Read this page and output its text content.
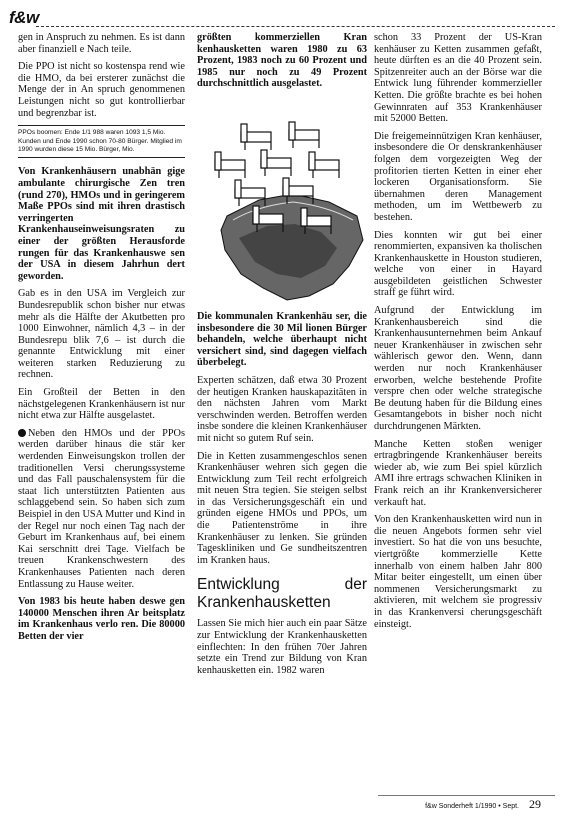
f&w

gen in Anspruch zu nehmen. Es ist dann aber finanziell e Nach teile.

Die PPO ist nicht so kostenspa rend wie die HMO, da bei ersterer zunächst die Menge der in An spruch genommenen Leistungen nicht so gut kontrollierbar und begrenzbar ist.

PPOs boomen: Ende 1/1 988 waren 1093 1,5 Mio. Kunden und Ende 1990 schon 70-80 Bürger. Mitglied im 1990 wurden diese 15 Mio. Bürger, Mio.

Von Krankenhäusern unabhän gige ambulante chirurgische Zen tren (rund 270), HMOs und in geringerem Maße PPOs sind mit ihren drastisch verringerten Krankenhauseinweisungsraten zu einer der größten Herausforde rungen für das Krankenhauswe sen der USA in diesem Jahrhun dert geworden.

Gab es in den USA im Vergleich zur Bundesrepublik schon bisher nur etwas mehr als die Hälfte der Akutbetten pro 1000 Einwohner, nämlich 4,3 – in der Bundesrepu blik 7,6 – ist durch die genannte Entwicklung mit einer weiteren starken Reduzierung zu rechnen.

Ein Großteil der Betten in den nächstgelegenen Krankenhäusern ist nur nicht etwa zur Hälfte ausgelastet.

Neben den HMOs und der PPOs werden darüber hinaus die stär ker werdenden Einweisungskon trollen der traditionellen Versi cherungssysteme und das Fall pauschalensystem für die staat lich unterstützten Patienten aus schlaggebend sein. So haben sich zum Beispiel in den USA Mutter und Kind in der Regel nur noch einen Tag nach der Geburt im Krankenhaus auf, bei einem Kai serschnitt drei Tage. Vielfach be treuen Krankenschwestern des Krankenhauses Patienten nach deren Entlassung zu Hause weiter.

Von 1983 bis heute haben deswe gen 140000 Menschen ihren Ar beitsplatz im Krankenhaus verlo ren. Die 80000 Betten der vier

größten kommerziellen Kran kenhausketten waren 1980 zu 63 Prozent, 1983 noch zu 60 Prozent und 1985 nur noch zu 49 Prozent durchschnittlich ausgelastet.

Die kommunalen Krankenhäu ser, die insbesondere die 30 Mil lionen Bürger behandeln, welche überhaupt nicht versichert sind, sind dagegen vielfach überbelegt.

Experten schätzen, daß etwa 30 Prozent der heutigen Kranken hauskapazitäten in den nächsten Jahren vom Markt verschwinden werden. Betroffen werden insbe sondere die kleinen Krankenhäuser mit nicht so gutem Ruf sein.

Die in Ketten zusammengeschlos senen Krankenhäuser wehren sich gegen die Entwicklung zum Teil recht erfolgreich mit neuen Stra tegien. Sie steigen selbst in das Versicherungsgeschäft ein und gründen eigene HMOs und PPOs, um die Patientenströme in ihre Krankenhäuser zu lenken. Sie gründen Tageskliniken und Ge sundheitszentren im Kranken haus.

Entwicklung der Krankenhausketten

Lassen Sie mich hier auch ein paar Sätze zur Entwicklung der Krankenhausketten einflechten: In den frühen 70er Jahren setzte ein Trend zur Bildung von Kran kenhausketten ein. 1982 waren

schon 33 Prozent der US-Kran kenhäuser zu Ketten zusammen gefaßt, heute dürften es an die 40 Prozent sein. Spitzenreiter auch an der Börse war die Entwick lung führender kommerzieller Ketten. Die größte brachte es bei hohen Gewinnraten auf 353 Krankenhäuser mit 52000 Betten.

Die freigemeinnützigen Kran kenhäuser, insbesondere die Or denskrankenhäuser folgen dem vorgezeigten Weg der profitorien tierten Ketten in einer eher lockeren Organisationsform. Sie übernahmen deren Management methoden, um im Wettbewerb zu bestehen.

Dies konnten wir gut bei einer renommierten, expansiven ka tholischen Krankenhauskette in Houston studieren, welche von einer in Hayard ausgebildeten geistlichen Schwester straff ge führt wird.

Aufgrund der Entwicklung im Krankenhausbereich sind die Krankenhausunternehmen beim Ankauf neuer Krankenhäuser in zwischen sehr wählerisch gewor den. Wenn, dann werden nur noch Krankenhäuser erworben, welche bestehende Profite verspre chen oder welche strategische Be deutung haben für die Bildung eines Gesamtangebots in bisher noch nicht durchdrungenen Märkten.

Manche Ketten stoßen weniger ertragbringende Krankenhäuser bereits wieder ab, wie zum Bei spiel kürzlich AMI ihre ertrags schwachen Kliniken in Frank reich an ihr Krankenversicherer verkauft hat.

Von den Krankenhausketten wird nun in die neuen Angebots formen sehr viel investiert. So hat die von uns besuchte, viertgrößte kommerzielle Kette innerhalb von einem halben Jahr 800 Mitar beiter eingestellt, um einen über nommenen Versicherungsmarkt zu aktivieren, mit welchem sie progressiv in das Krankenversi cherungsgeschäft einsteigt.

f&w Sonderheft 1/1990 • Sept. 29
